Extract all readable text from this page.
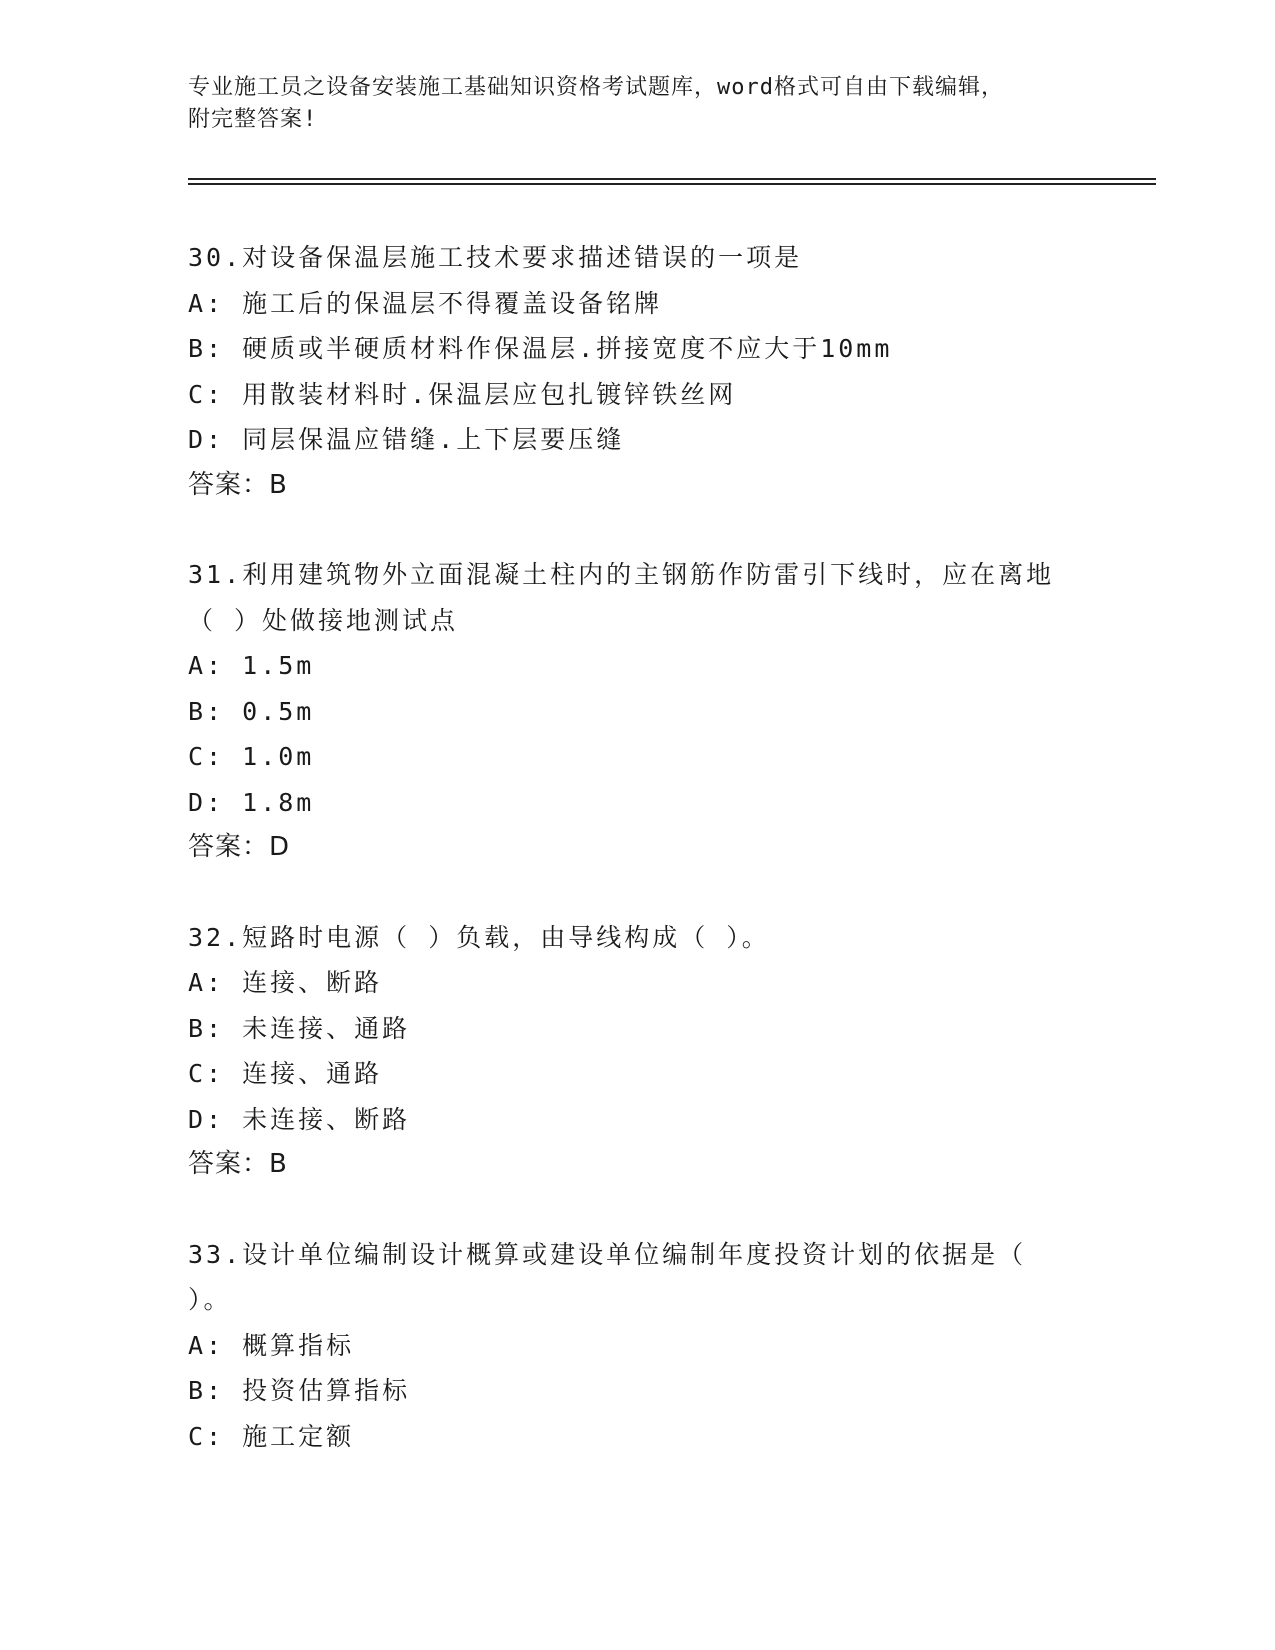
专业施工员之设备安装施工基础知识资格考试题库，word格式可自由下载编辑，
附完整答案!
30.对设备保温层施工技术要求描述错误的一项是
A: 施工后的保温层不得覆盖设备铭牌
B: 硬质或半硬质材料作保温层.拼接宽度不应大于10mm
C: 用散装材料时.保温层应包扎镀锌铁丝网
D: 同层保温应错缝.上下层要压缝
答案：B
31.利用建筑物外立面混凝土柱内的主钢筋作防雷引下线时，应在离地
（ ）处做接地测试点
A: 1.5m
B: 0.5m
C: 1.0m
D: 1.8m
答案：D
32.短路时电源（ ）负载，由导线构成（ ）。
A: 连接、断路
B: 未连接、通路
C: 连接、通路
D: 未连接、断路
答案：B
33.设计单位编制设计概算或建设单位编制年度投资计划的依据是（
）。
A: 概算指标
B: 投资估算指标
C: 施工定额
